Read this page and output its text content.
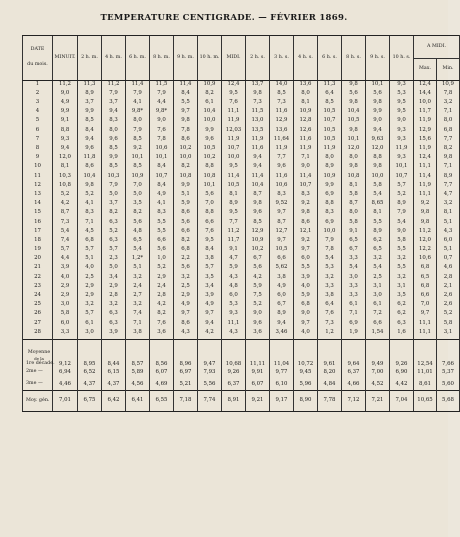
TEMPERATURE CENTIGRADE. — FÉVRIER 1869.
DATE
du mois.	MINUIT.	2 h. m.	4 h. m.	6 h. m.	8 h. m.	9 h. m.	10 h. m.	MIDI.	2 h. s.	3 h. s.	4 h. s.	6 h. s.	8 h. s.	9 h. s.	10 h. s.	A MIDI.	
																Max.	Min.
1	11,2	11,3	11,2	11,4	11,5	11,4	10,9	12,4	13,7	14,0	13,6	11,3	9,8	10,1	9,3	12,4	10,9
2	9,0	8,9	7,9	7,9	7,9	8,4	8,2	9,5	9,8	8,5	8,0	6,4	5,6	5,6	5,3	14,4	7,8
3	4,9	3,7	3,7	4,1	4,4	5,5	6,1	7,6	7,3	7,3	8,1	8,5	9,8	9,8	9,5	10,0	3,2
4	9,9	9,9	9,4	9,8*	9,8*	9,7	10,4	11,1	11,5	11,6	10,9	10,5	10,4	9,9	9,5	11,7	7,1
5	9,1	8,5	8,3	8,0	9,0	9,8	10,0	11,9	13,0	12,9	12,8	10,7	10,5	9,0	9,0	11,9	8,0
6	8,8	8,4	8,0	7,9	7,6	7,8	9,9	12,03	13,5	13,6	12,6	10,5	9,8	9,4	9,3	12,9	6,8
7	9,3	9,4	9,6	8,5	7,8	8,6	9,6	11,9	11,9	11,64	11,6	10,5	10,1	9,63	9,3	15,6	7,7
8	9,4	9,6	8,5	9,2	10,6	10,2	10,5	10,7	11,6	11,9	11,9	11,9	12,0	12,0	11,9	11,9	8,2
9	12,0	11,8	9,9	10,1	10,1	10,0	10,2	10,0	9,4	7,7	7,1	8,0	8,0	8,8	9,3	12,4	9,8
10	8,1	8,6	8,5	8,5	8,4	8,2	8,8	9,5	9,4	9,6	9,0	8,9	9,8	9,8	10,1	11,1	7,1
11	10,3	10,4	10,3	10,9	10,7	10,8	10,8	11,4	11,4	11,6	11,4	10,9	10,8	10,0	10,7	11,4	8,9
12	10,8	9,8	7,9	7,0	8,4	9,9	10,1	10,5	10,4	10,6	10,7	9,9	8,1	5,8	5,7	11,9	7,7
13	5,2	5,2	5,0	5,0	4,9	5,1	5,6	8,1	8,7	8,3	8,3	6,9	5,8	5,4	5,2	11,1	4,7
14	4,2	4,1	3,7	3,5	4,1	5,9	7,0	8,9	9,8	9,52	9,2	8,8	8,7	8,65	8,9	9,2	3,2
15	8,7	8,3	8,2	8,2	8,3	8,6	8,8	9,5	9,6	9,7	9,8	8,3	8,0	8,1	7,9	9,8	8,1
16	7,3	7,1	6,3	5,6	5,5	5,6	6,6	7,7	8,5	8,7	8,6	6,9	5,8	5,5	5,4	9,8	5,1
17	5,4	4,5	5,2	4,8	5,5	6,6	7,6	11,2	12,9	12,7	12,1	10,0	9,1	8,9	9,0	11,2	4,3
18	7,4	6,8	6,3	6,5	6,6	8,2	9,5	11,7	10,9	9,7	9,2	7,9	6,5	6,2	5,8	12,0	6,0
19	5,7	5,7	5,7	5,4	5,6	6,8	8,4	9,1	10,2	10,5	9,7	7,8	6,7	6,5	5,5	12,2	5,1
20	4,4	5,1	2,3	1,2*	1,0	2,2	3,8	4,7	6,7	6,6	6,0	5,4	3,3	3,2	3,2	10,6	0,7
21	3,9	4,0	5,0	5,1	5,2	5,6	5,7	5,9	5,6	5,62	5,5	5,3	5,4	5,4	5,5	6,8	4,6
22	4,0	2,5	3,4	3,2	2,9	3,2	3,5	4,3	4,2	3,8	3,9	3,2	3,0	2,5	3,2	6,5	2,8
23	2,9	2,9	2,9	2,4	2,4	2,5	3,4	4,8	5,9	4,9	4,0	3,3	3,3	3,1	3,1	6,8	2,1
24	2,9	2,9	2,8	2,7	2,8	2,9	3,9	6,0	7,5	6,0	5,9	3,8	3,3	3,0	3,5	6,6	2,6
25	3,0	3,2	3,2	3,2	4,2	4,9	4,9	5,3	5,2	6,7	6,8	6,4	6,1	6,1	6,2	7,0	2,6
26	5,8	5,7	6,3	7,4	8,2	9,7	9,7	9,3	9,0	8,9	9,0	7,6	7,1	7,2	6,2	9,7	5,2
27	6,0	6,1	6,3	7,1	7,6	8,6	9,4	11,1	9,6	9,4	9,7	7,3	6,9	6,6	6,3	11,1	5,8
28	3,3	3,0	3,9	3,8	3,6	4,3	4,2	4,3	3,6	3,46	4,0	1,2	1,9	1,54	1,6	11,1	3,1

Moyenne
de la
1re décade.	9,12	8,95	8,44	8,57	8,56	8,96	9,47	10,68	11,11	11,04	10,72	9,61	9,64	9,49	9,26	12,54	7,66
2me —	6,94	6,52	6,15	5,89	6,07	6,97	7,93	9,26	9,91	9,77	9,45	8,20	6,37	7,00	6,90	11,01	5,37
3me —	4,46	4,37	4,37	4,56	4,69	5,21	5,56	6,37	6,07	6,10	5,96	4,84	4,66	4,52	4,42	8,61	5,60
Moy. gén.	7,01	6,75	6,42	6,41	6,55	7,18	7,74	8,91	9,21	9,17	8,90	7,78	7,12	7,21	7,04	10,65	5,68
